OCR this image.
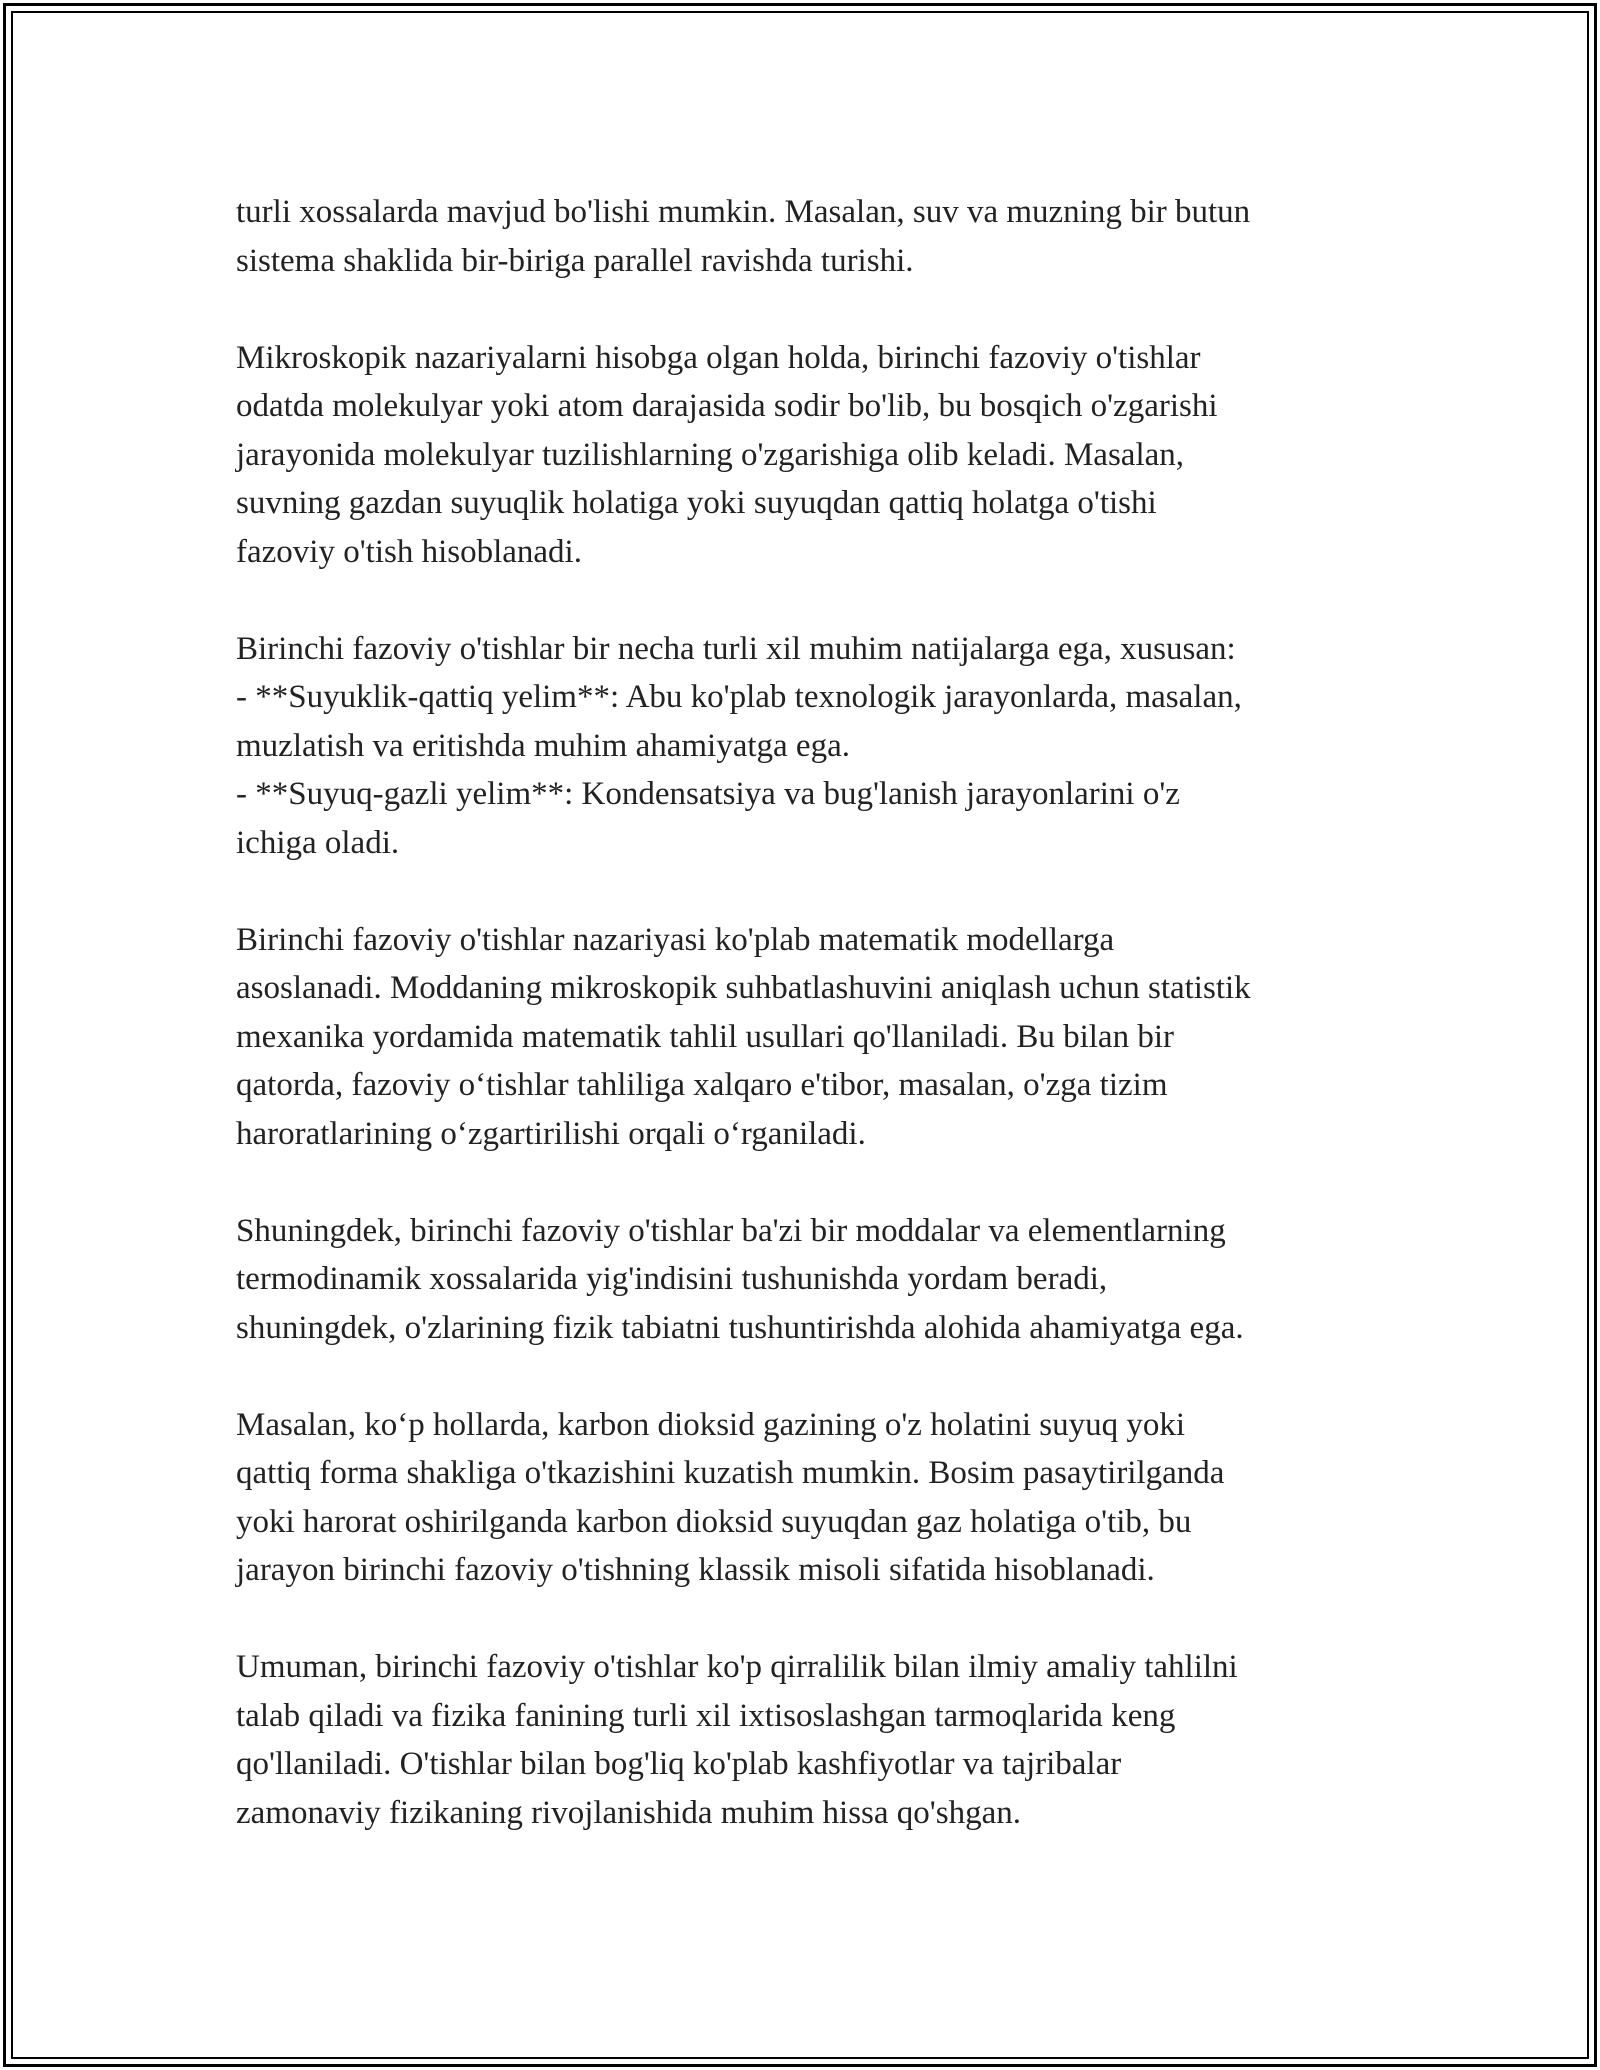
turli xossalarda mavjud bo'lishi mumkin. Masalan, suv va muzning bir butun
sistema shaklida bir-biriga parallel ravishda turishi.

Mikroskopik nazariyalarni hisobga olgan holda, birinchi fazoviy o'tishlar
odatda molekulyar yoki atom darajasida sodir bo'lib, bu bosqich o'zgarishi
jarayonida molekulyar tuzilishlarning o'zgarishiga olib keladi. Masalan,
suvning gazdan suyuqlik holatiga yoki suyuqdan qattiq holatga o'tishi
fazoviy o'tish hisoblanadi.

Birinchi fazoviy o'tishlar bir necha turli xil muhim natijalarga ega, xususan:
- **Suyuklik-qattiq yelim**: Abu ko'plab texnologik jarayonlarda, masalan,
muzlatish va eritishda muhim ahamiyatga ega.
- **Suyuq-gazli yelim**: Kondensatsiya va bug'lanish jarayonlarini o'z
ichiga oladi.

Birinchi fazoviy o'tishlar nazariyasi ko'plab matematik modellarga
asoslanadi. Moddaning mikroskopik suhbatlashuvini aniqlash uchun statistik
mexanika yordamida matematik tahlil usullari qo'llaniladi. Bu bilan bir
qatorda, fazoviy o‘tishlar tahliliga xalqaro e'tibor, masalan, o'zga tizim
haroratlarining o‘zgartirilishi orqali o‘rganiladi.

Shuningdek, birinchi fazoviy o'tishlar ba'zi bir moddalar va elementlarning
termodinamik xossalarida yig'indisini tushunishda yordam beradi,
shuningdek, o'zlarining fizik tabiatni tushuntirishda alohida ahamiyatga ega.

Masalan, ko‘p hollarda, karbon dioksid gazining o'z holatini suyuq yoki
qattiq forma shakliga o'tkazishini kuzatish mumkin. Bosim pasaytirilganda
yoki harorat oshirilganda karbon dioksid suyuqdan gaz holatiga o'tib, bu
jarayon birinchi fazoviy o'tishning klassik misoli sifatida hisoblanadi.

Umuman, birinchi fazoviy o'tishlar ko'p qirralilik bilan ilmiy amaliy tahlilni
talab qiladi va fizika fanining turli xil ixtisoslashgan tarmoqlarida keng
qo'llaniladi. O'tishlar bilan bog'liq ko'plab kashfiyotlar va tajribalar
zamonaviy fizikaning rivojlanishida muhim hissa qo'shgan.
